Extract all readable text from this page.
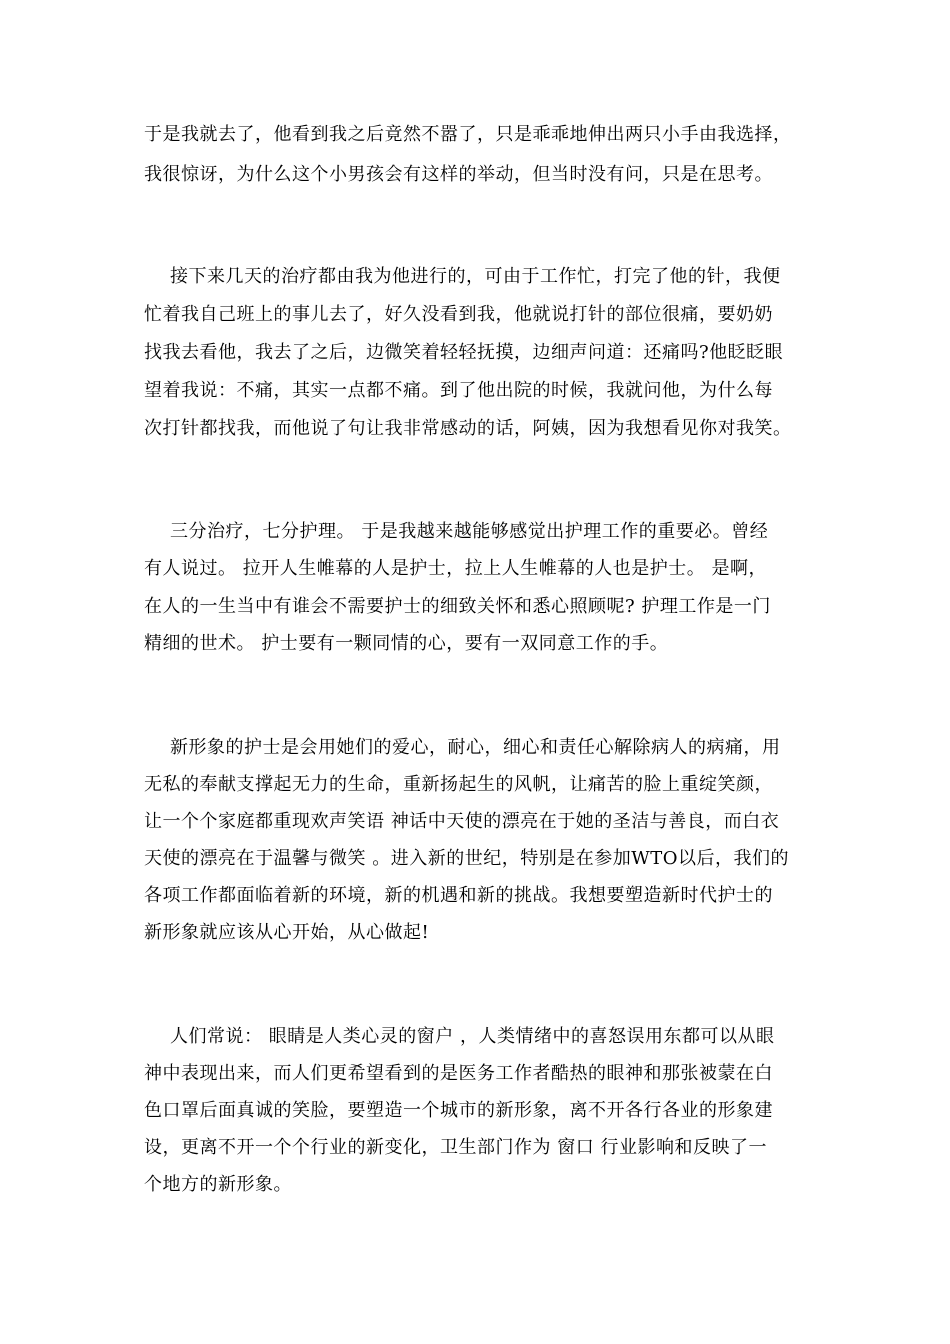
于是我就去了，他看到我之后竟然不嚣了，只是乖乖地伸出两只小手由我选择，
我很惊讶，为什么这个小男孩会有这样的举动，但当时没有问，只是在思考。
接下来几天的治疗都由我为他进行的，可由于工作忙，打完了他的针，我便
忙着我自己班上的事儿去了，好久没看到我，他就说打针的部位很痛，要奶奶
找我去看他，我去了之后，边微笑着轻轻抚摸，边细声问道：还痛吗?他眨眨眼
望着我说：不痛，其实一点都不痛。到了他出院的时候，我就问他，为什么每
次打针都找我，而他说了句让我非常感动的话，阿姨，因为我想看见你对我笑。
三分治疗，七分护理。 于是我越来越能够感觉出护理工作的重要必。曾经
有人说过。 拉开人生帷幕的人是护士，拉上人生帷幕的人也是护士。 是啊，
在人的一生当中有谁会不需要护士的细致关怀和悉心照顾呢? 护理工作是一门
精细的世术。 护士要有一颗同情的心，要有一双同意工作的手。
新形象的护士是会用她们的爱心，耐心，细心和责任心解除病人的病痛，用
无私的奉献支撑起无力的生命，重新扬起生的风帆，让痛苦的脸上重绽笑颜，
让一个个家庭都重现欢声笑语 神话中天使的漂亮在于她的圣洁与善良，而白衣
天使的漂亮在于温馨与微笑 。进入新的世纪，特别是在参加WTO以后，我们的
各项工作都面临着新的环境，新的机遇和新的挑战。我想要塑造新时代护士的
新形象就应该从心开始，从心做起!
人们常说： 眼睛是人类心灵的窗户 ，人类情绪中的喜怒误用东都可以从眼
神中表现出来，而人们更希望看到的是医务工作者酷热的眼神和那张被蒙在白
色口罩后面真诚的笑脸，要塑造一个城市的新形象，离不开各行各业的形象建
设，更离不开一个个行业的新变化，卫生部门作为 窗口 行业影响和反映了一
个地方的新形象。
